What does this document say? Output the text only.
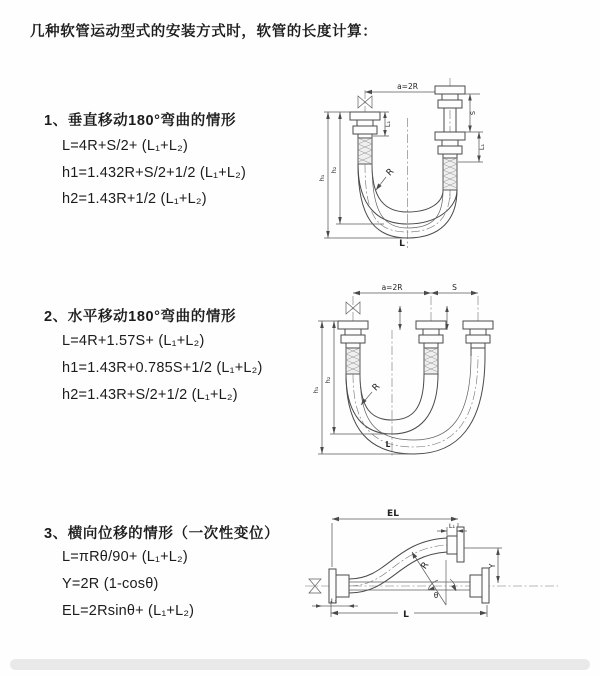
几种软管运动型式的安装方式时，软管的长度计算：
1、垂直移动180°弯曲的情形
L=4R+S/2+ (L₁+L₂)
h1=1.432R+S/2+1/2 (L₁+L₂)
h2=1.43R+1/2 (L₁+L₂)
a=2R
L₁
h₁
h₂
S
L₁
R
L
2、水平移动180°弯曲的情形
L=4R+1.57S+ (L₁+L₂)
h1=1.43R+0.785S+1/2 (L₁+L₂)
h2=1.43R+S/2+1/2 (L₁+L₂)
a=2R	S
h₁
h₂
R
L
3、横向位移的情形（一次性变位）
L=πRθ/90+ (L₁+L₂)
Y=2R (1-cosθ)
EL=2Rsinθ+ (L₁+L₂)
θ
R
EL
L₁
Y
L
L₁
